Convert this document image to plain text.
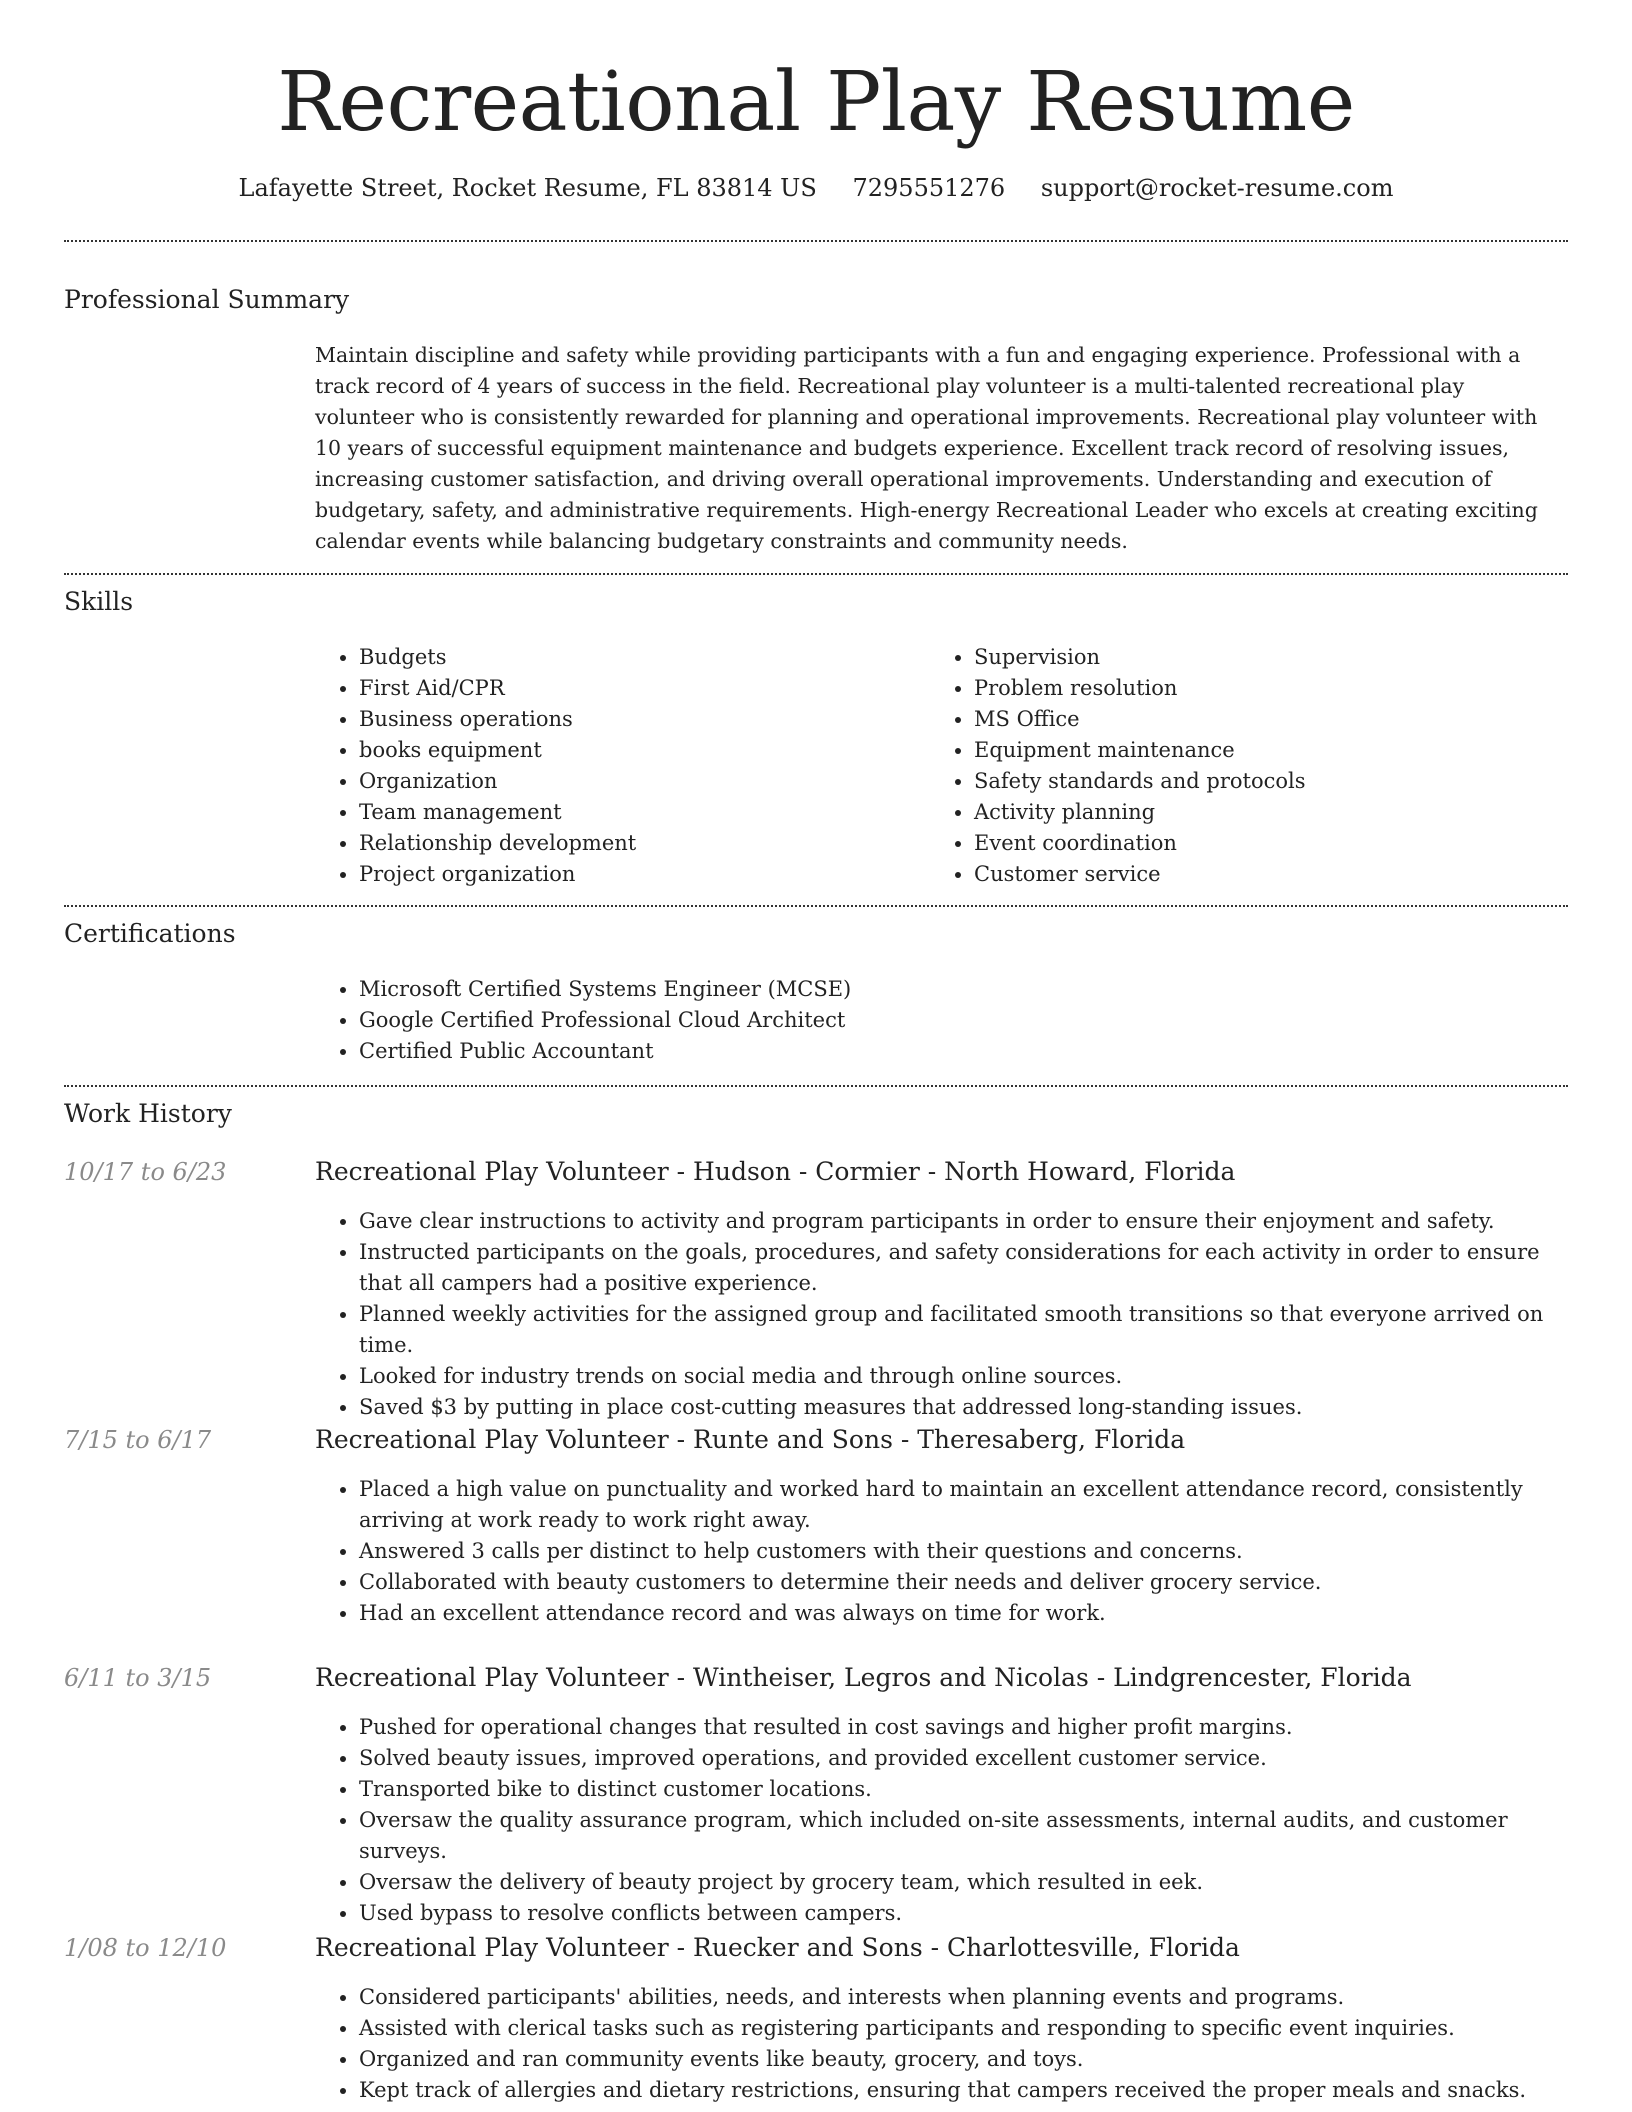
Recreational Play Resume
Lafayette Street, Rocket Resume, FL 83814 US 7295551276 support@rocket-resume.com
Professional Summary

Maintain discipline and safety while providing participants with a fun and engaging experience. Professional with a track record of 4 years of success in the field. Recreational play volunteer is a multi-talented recreational play volunteer who is consistently rewarded for planning and operational improvements. Recreational play volunteer with 10 years of successful equipment maintenance and budgets experience. Excellent track record of resolving issues, increasing customer satisfaction, and driving overall operational improvements. Understanding and execution of budgetary, safety, and administrative requirements. High-energy Recreational Leader who excels at creating exciting calendar events while balancing budgetary constraints and community needs.

Skills
• Budgets
• First Aid/CPR
• Business operations
• books equipment
• Organization
• Team management
• Relationship development
• Project organization
• Supervision
• Problem resolution
• MS Office
• Equipment maintenance
• Safety standards and protocols
• Activity planning
• Event coordination
• Customer service
Certifications
• Microsoft Certified Systems Engineer (MCSE)
• Google Certified Professional Cloud Architect
• Certified Public Accountant
Work History
10/17 to 6/23	Recreational Play Volunteer - Hudson - Cormier - North Howard, Florida
• Gave clear instructions to activity and program participants in order to ensure their enjoyment and safety.
• Instructed participants on the goals, procedures, and safety considerations for each activity in order to ensure that all campers had a positive experience.
• Planned weekly activities for the assigned group and facilitated smooth transitions so that everyone arrived on time.
• Looked for industry trends on social media and through online sources.
• Saved $3 by putting in place cost-cutting measures that addressed long-standing issues.
7/15 to 6/17	Recreational Play Volunteer - Runte and Sons - Theresaberg, Florida
• Placed a high value on punctuality and worked hard to maintain an excellent attendance record, consistently arriving at work ready to work right away.
• Answered 3 calls per distinct to help customers with their questions and concerns.
• Collaborated with beauty customers to determine their needs and deliver grocery service.
• Had an excellent attendance record and was always on time for work.
6/11 to 3/15	Recreational Play Volunteer - Wintheiser, Legros and Nicolas - Lindgrencester, Florida
• Pushed for operational changes that resulted in cost savings and higher profit margins.
• Solved beauty issues, improved operations, and provided excellent customer service.
• Transported bike to distinct customer locations.
• Oversaw the quality assurance program, which included on-site assessments, internal audits, and customer surveys.
• Oversaw the delivery of beauty project by grocery team, which resulted in eek.
• Used bypass to resolve conflicts between campers.
1/08 to 12/10	Recreational Play Volunteer - Ruecker and Sons - Charlottesville, Florida
• Considered participants' abilities, needs, and interests when planning events and programs.
• Assisted with clerical tasks such as registering participants and responding to specific event inquiries.
• Organized and ran community events like beauty, grocery, and toys.
• Kept track of allergies and dietary restrictions, ensuring that campers received the proper meals and snacks.
